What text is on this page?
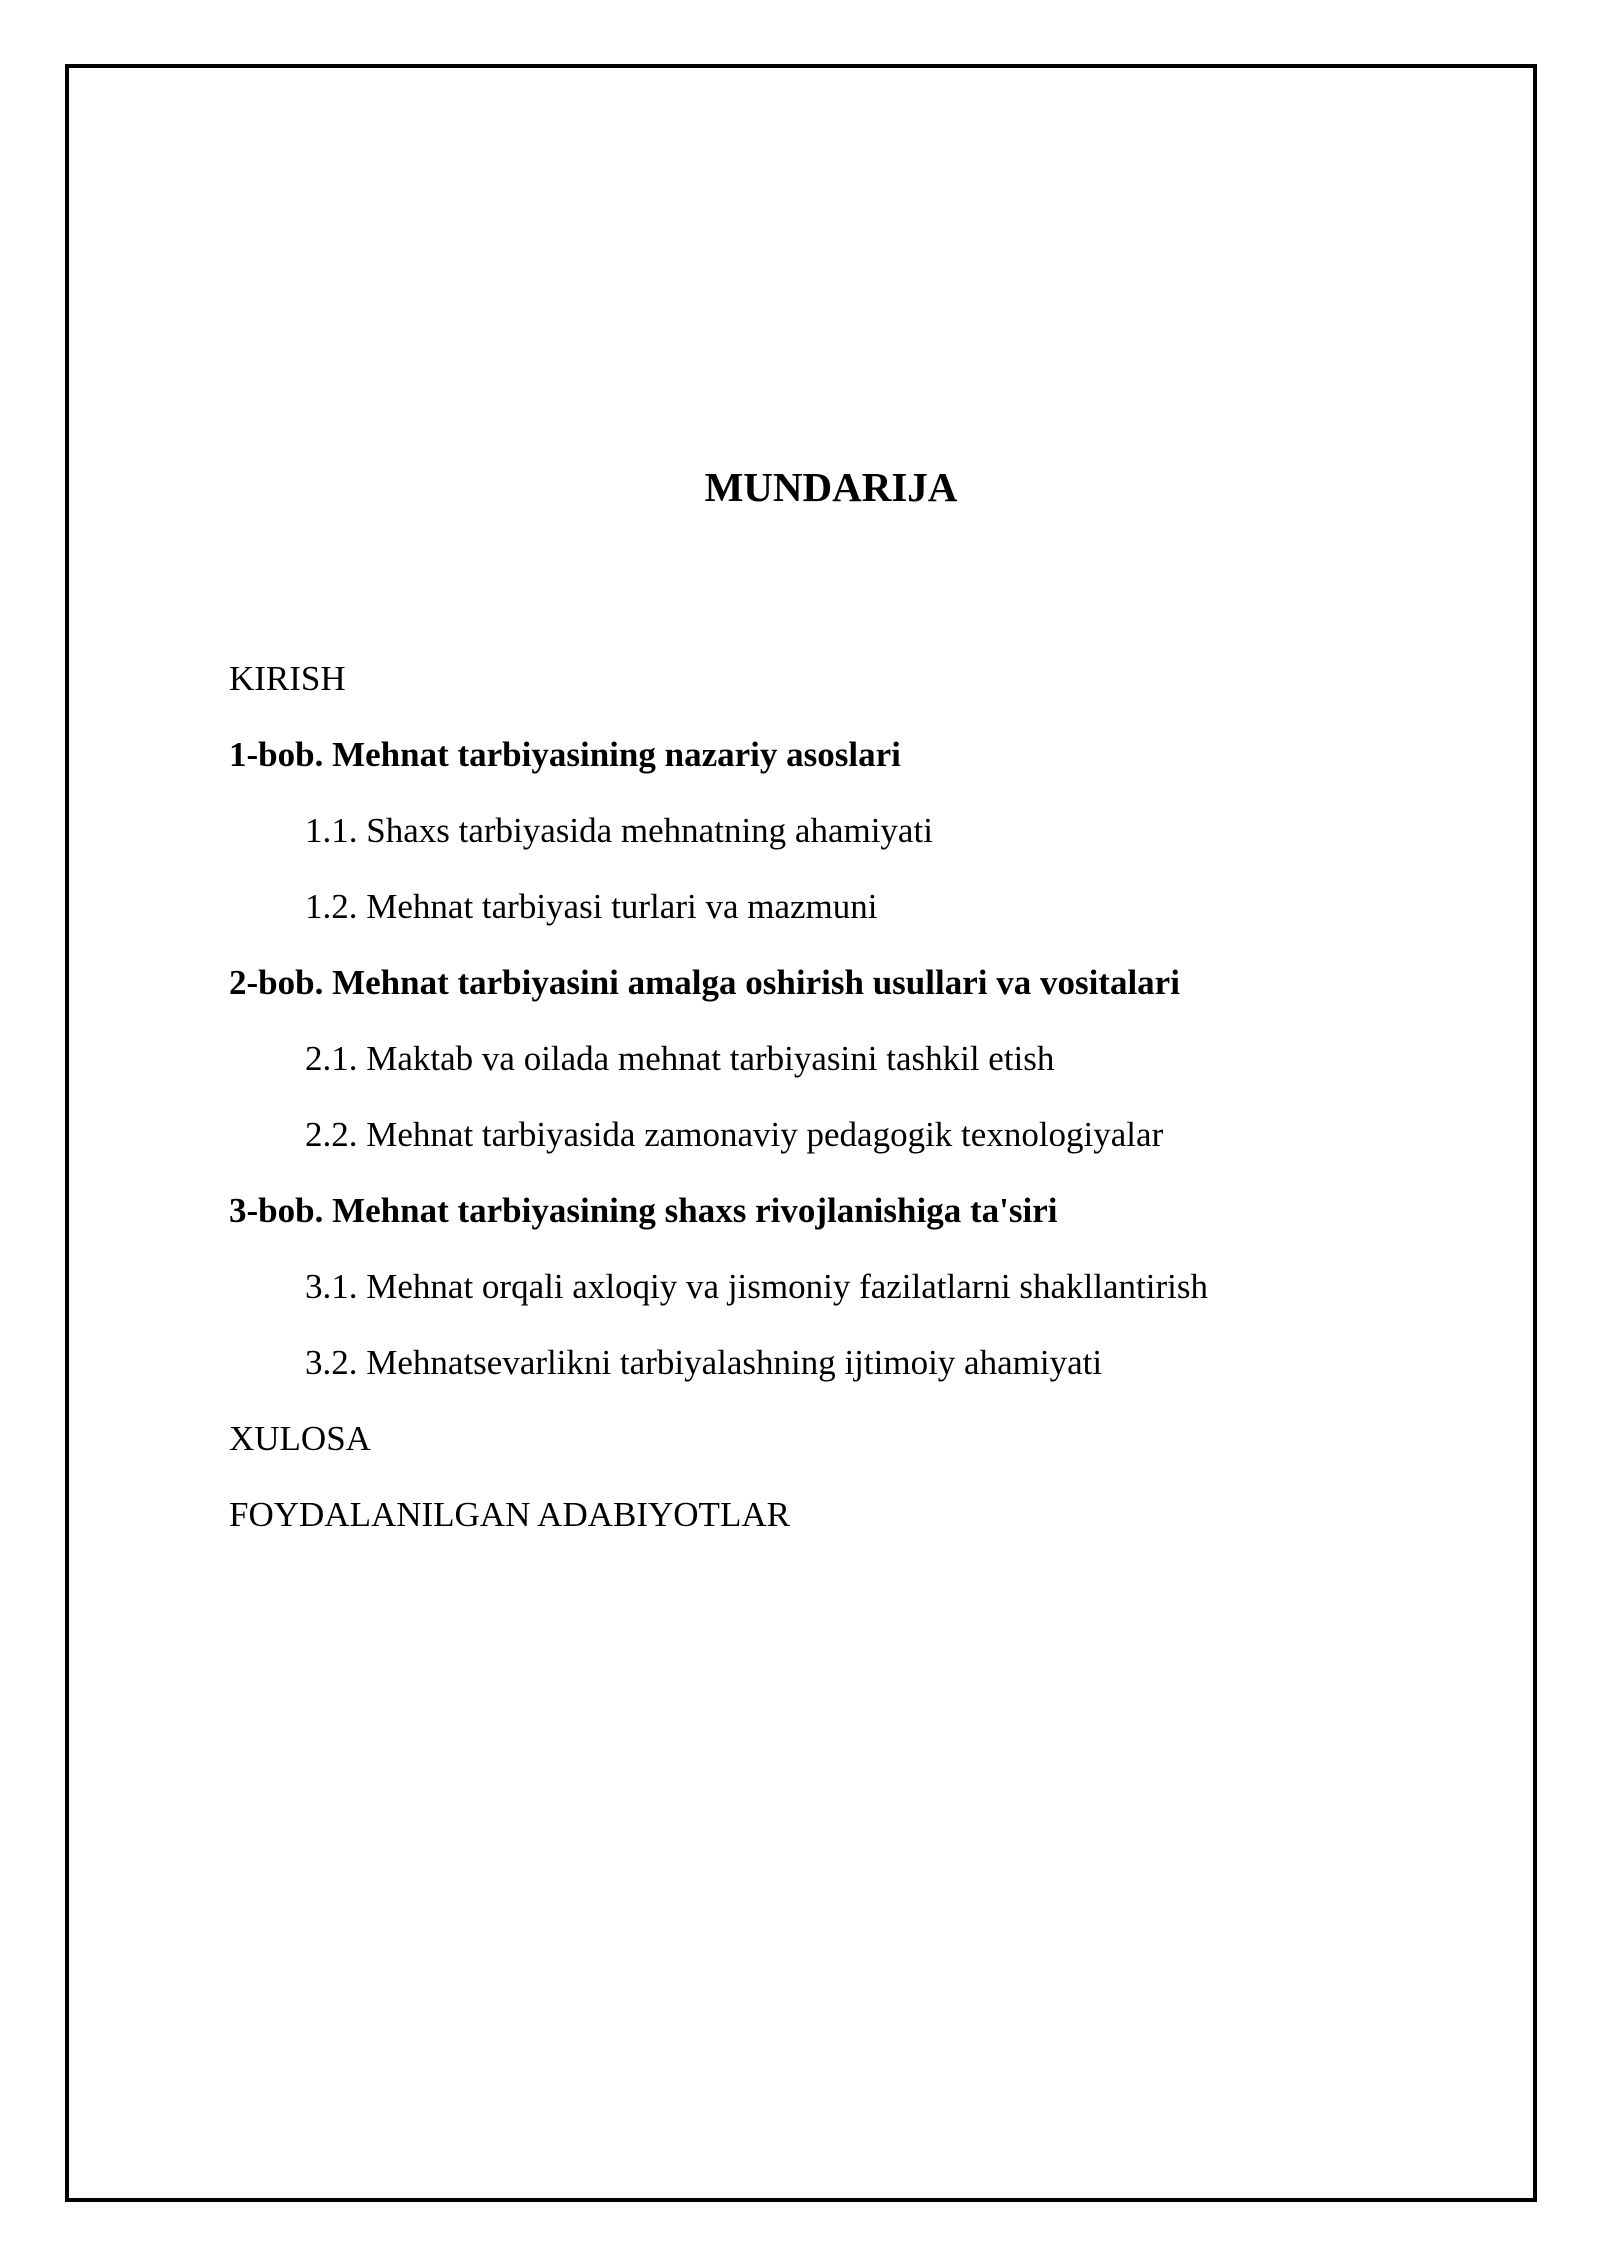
MUNDARIJA
KIRISH
1-bob. Mehnat tarbiyasining nazariy asoslari
1.1. Shaxs tarbiyasida mehnatning ahamiyati
1.2. Mehnat tarbiyasi turlari va mazmuni
2-bob. Mehnat tarbiyasini amalga oshirish usullari va vositalari
2.1. Maktab va oilada mehnat tarbiyasini tashkil etish
2.2. Mehnat tarbiyasida zamonaviy pedagogik texnologiyalar
3-bob. Mehnat tarbiyasining shaxs rivojlanishiga ta'siri
3.1. Mehnat orqali axloqiy va jismoniy fazilatlarni shakllantirish
3.2. Mehnatsevarlikni tarbiyalashning ijtimoiy ahamiyati
XULOSA
FOYDALANILGAN ADABIYOTLAR
